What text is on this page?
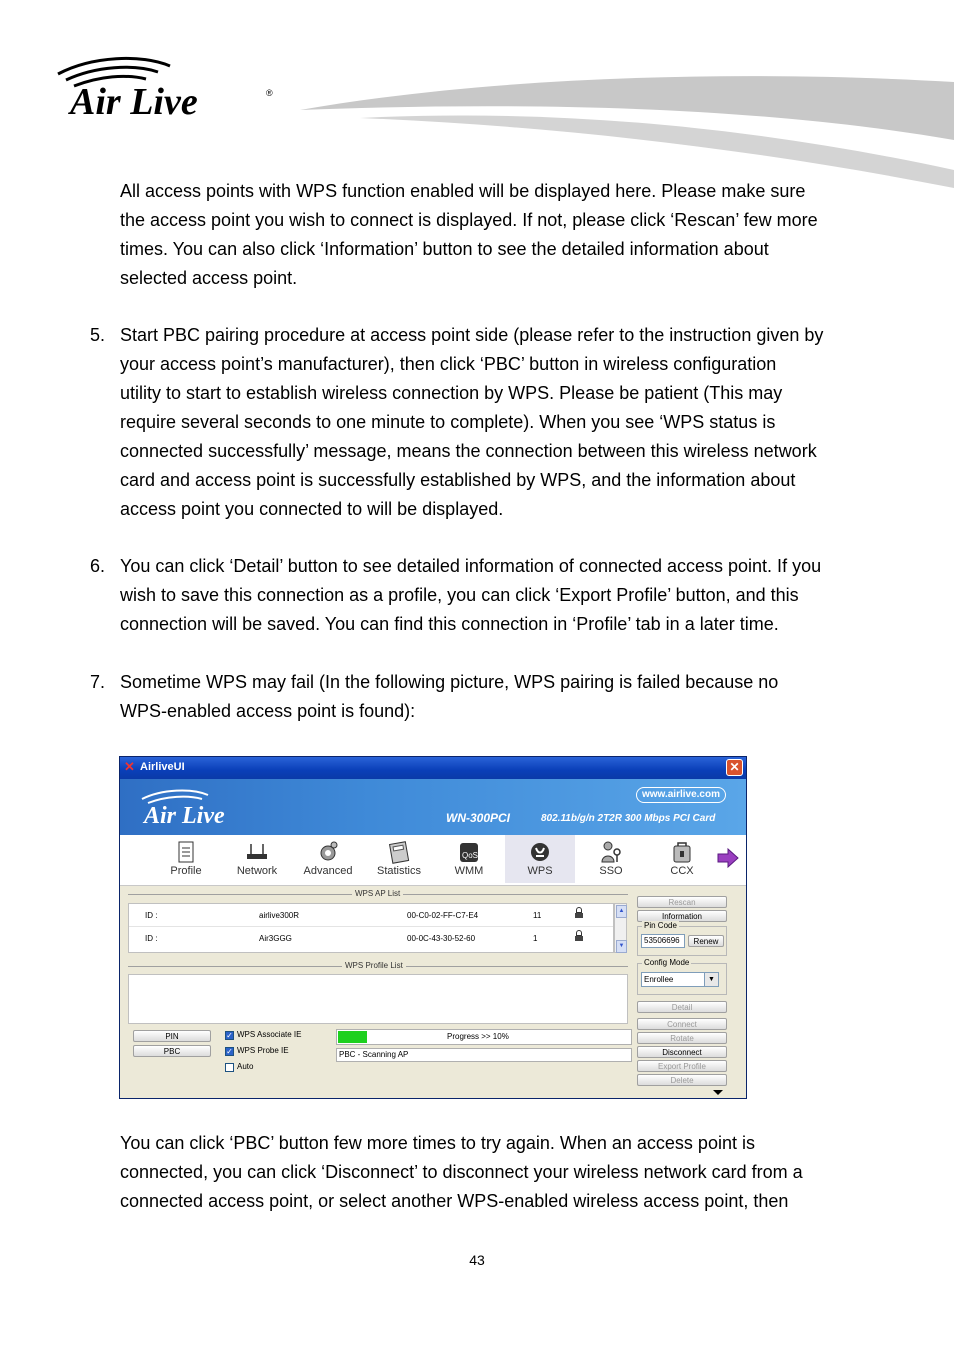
Air Live	®

All access points with WPS function enabled will be displayed here. Please make sure
the access point you wish to connect is displayed. If not, please click ‘Rescan’ few more
times. You can also click ‘Information’ button to see the detailed information about
selected access point.

5. Start PBC pairing procedure at access point side (please refer to the instruction given by
your access point’s manufacturer), then click ‘PBC’ button in wireless configuration
utility to start to establish wireless connection by WPS. Please be patient (This may
require several seconds to one minute to complete). When you see ‘WPS status is
connected successfully’ message, means the connection between this wireless network
card and access point is successfully established by WPS, and the information about
access point you connected to will be displayed.

6. You can click ‘Detail’ button to see detailed information of connected access point. If you
wish to save this connection as a profile, you can click ‘Export Profile’ button, and this
connection will be saved. You can find this connection in ‘Profile’ tab in a later time.

7. Sometime WPS may fail (In the following picture, WPS pairing is failed because no
WPS-enabled access point is found):

✕ AirliveUI	✕
Air Live
www.airlive.com
WN-300PCI	802.11b/g/n 2T2R 300 Mbps PCI Card
Profile	Network	Advanced	Statistics
QoS
WMM	WPS	SSO	CCX
WPS AP List
ID :	airlive300R	00-C0-02-FF-C7-E4	11
ID :	Air3GGG	00-0C-43-30-52-60	1
▲
▼
WPS Profile List
Rescan
Information
Pin Code
53506696	Renew
Config Mode
Enrollee	▼
Detail
Connect
Rotate
Disconnect
Export Profile
Delete
PIN
PBC
✓ WPS Associate IE
✓ WPS Probe IE
Auto
Progress >> 10%
PBC - Scanning AP

You can click ‘PBC’ button few more times to try again. When an access point is
connected, you can click ‘Disconnect’ to disconnect your wireless network card from a
connected access point, or select another WPS-enabled wireless access point, then

43
